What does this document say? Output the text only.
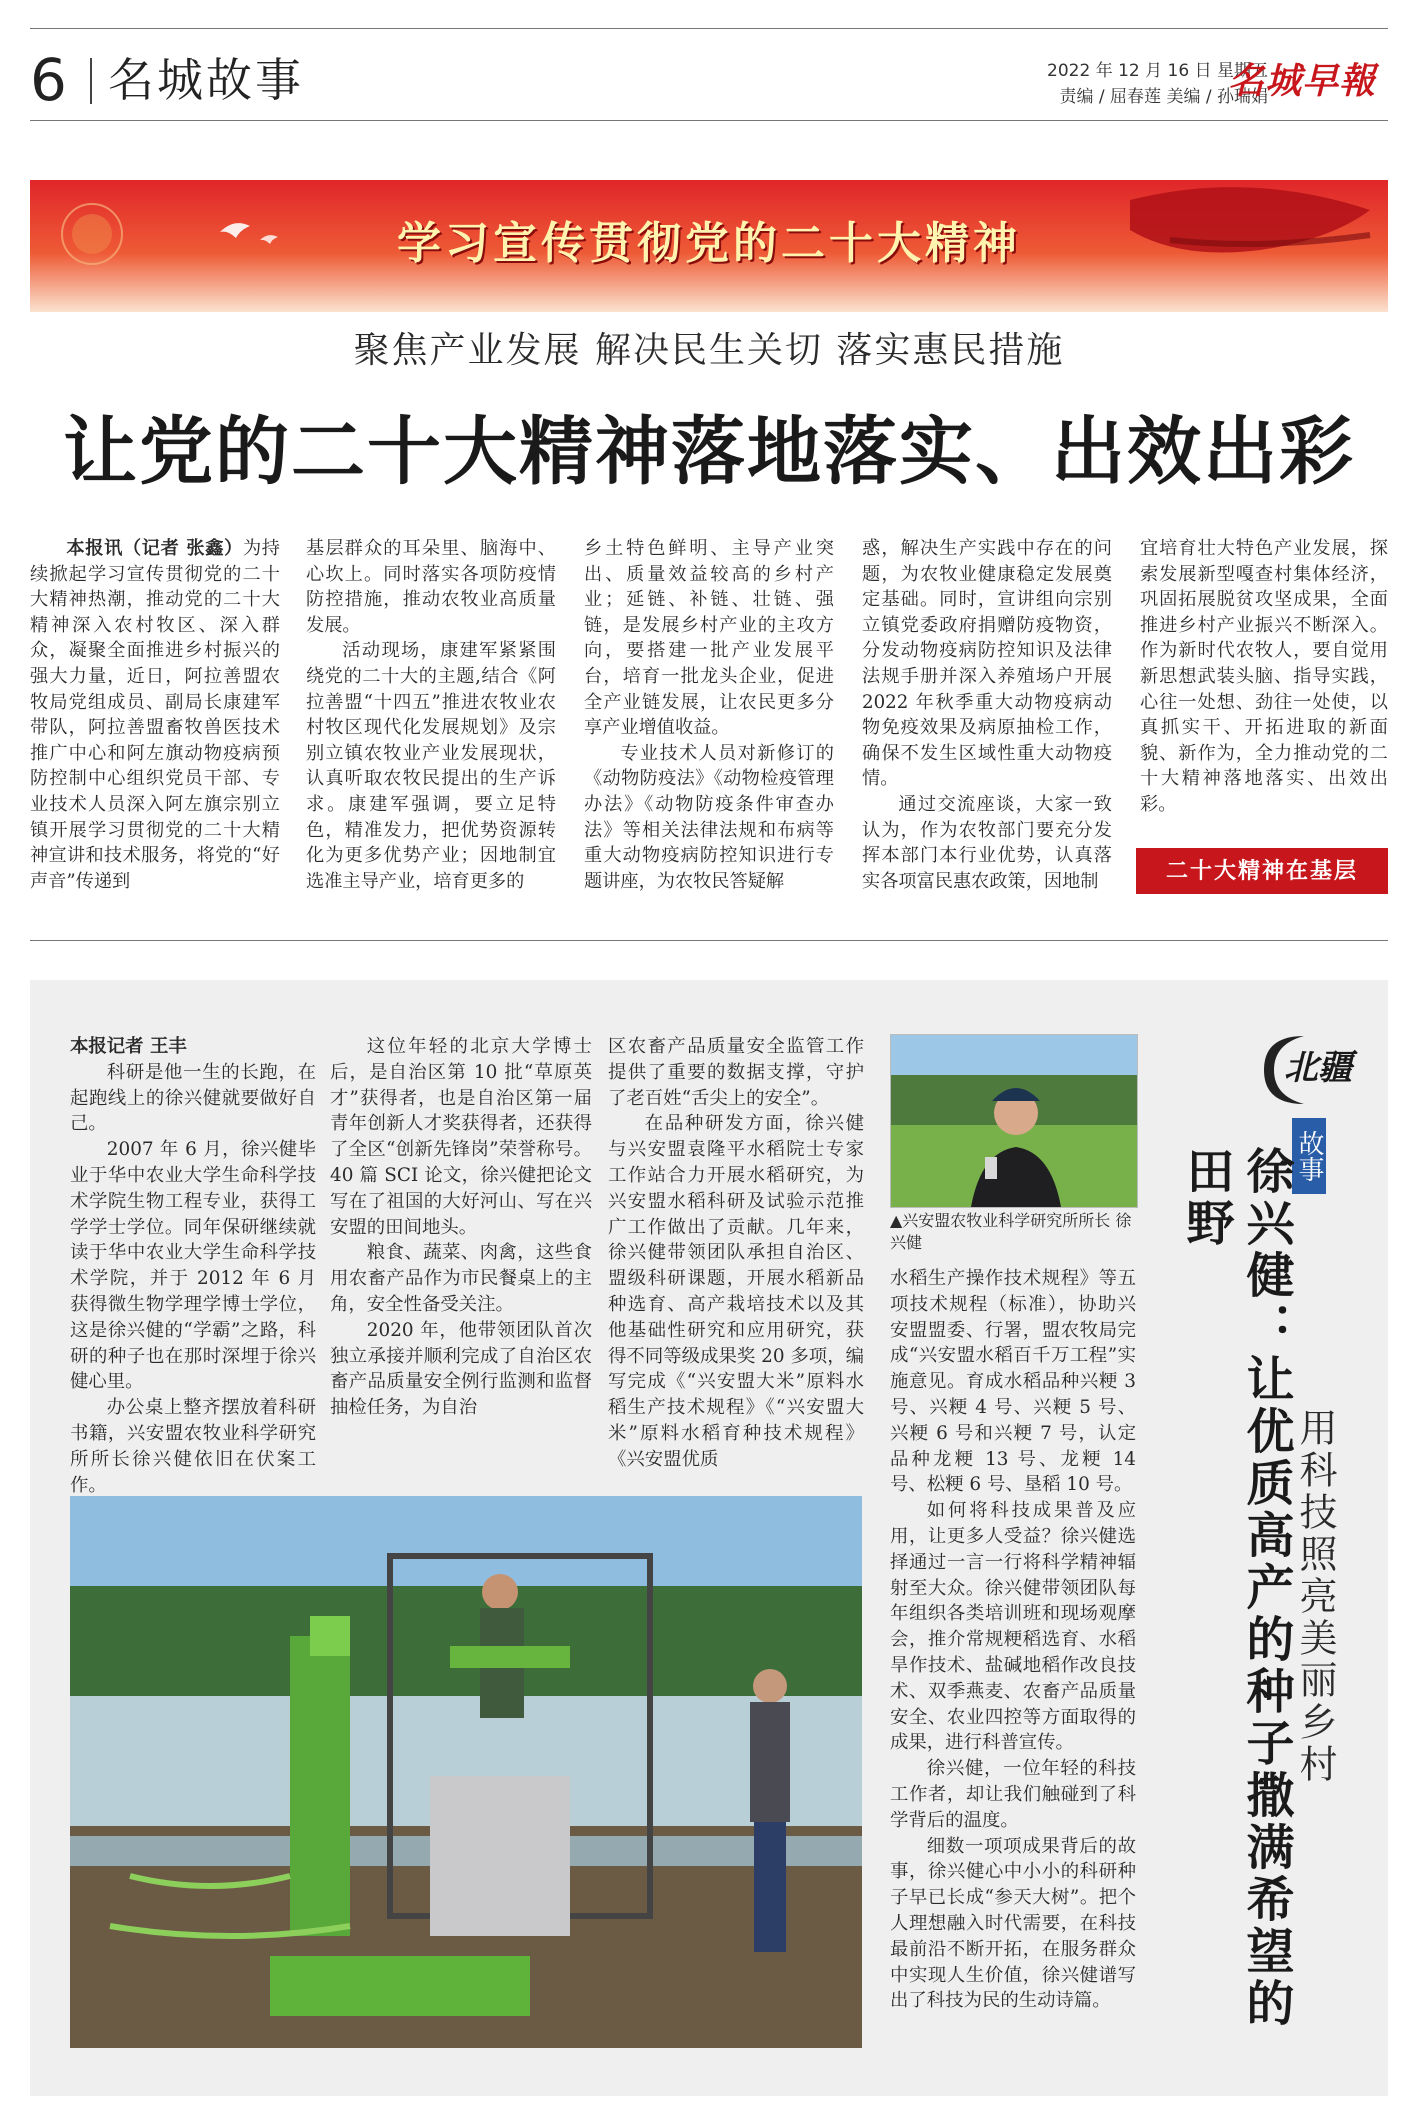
6 名城故事	2022 年 12 月 16 日 星期五
责编 / 屈春莲 美编 / 孙瑞娟
名城早報
学习宣传贯彻党的二十大精神
聚焦产业发展 解决民生关切 落实惠民措施
让党的二十大精神落地落实、出效出彩

本报讯（记者 张鑫）为持续掀起学习宣传贯彻党的二十大精神热潮，推动党的二十大精神深入农村牧区、深入群众，凝聚全面推进乡村振兴的强大力量，近日，阿拉善盟农牧局党组成员、副局长康建军带队，阿拉善盟畜牧兽医技术推广中心和阿左旗动物疫病预防控制中心组织党员干部、专业技术人员深入阿左旗宗别立镇开展学习贯彻党的二十大精神宣讲和技术服务，将党的“好声音”传递到

基层群众的耳朵里、脑海中、心坎上。同时落实各项防疫情防控措施，推动农牧业高质量发展。

活动现场，康建军紧紧围绕党的二十大的主题,结合《阿拉善盟“十四五”推进农牧业农村牧区现代化发展规划》及宗别立镇农牧业产业发展现状，认真听取农牧民提出的生产诉求。康建军强调，要立足特色，精准发力，把优势资源转化为更多优势产业；因地制宜选准主导产业，培育更多的

乡土特色鲜明、主导产业突出、质量效益较高的乡村产业；延链、补链、壮链、强链，是发展乡村产业的主攻方向，要搭建一批产业发展平台，培育一批龙头企业，促进全产业链发展，让农民更多分享产业增值收益。

专业技术人员对新修订的《动物防疫法》《动物检疫管理办法》《动物防疫条件审查办法》等相关法律法规和布病等重大动物疫病防控知识进行专题讲座，为农牧民答疑解

惑，解决生产实践中存在的问题，为农牧业健康稳定发展奠定基础。同时，宣讲组向宗别立镇党委政府捐赠防疫物资，分发动物疫病防控知识及法律法规手册并深入养殖场户开展 2022 年秋季重大动物疫病动物免疫效果及病原抽检工作，确保不发生区域性重大动物疫情。

通过交流座谈，大家一致认为，作为农牧部门要充分发挥本部门本行业优势，认真落实各项富民惠农政策，因地制

宜培育壮大特色产业发展，探索发展新型嘎查村集体经济，巩固拓展脱贫攻坚成果，全面推进乡村产业振兴不断深入。作为新时代农牧人，要自觉用新思想武装头脑、指导实践，心往一处想、劲往一处使，以真抓实干、开拓进取的新面貌、新作为，全力推动党的二十大精神落地落实、出效出彩。

二十大精神在基层

本报记者 王丰

科研是他一生的长跑，在起跑线上的徐兴健就要做好自己。

2007 年 6 月，徐兴健毕业于华中农业大学生命科学技术学院生物工程专业，获得工学学士学位。同年保研继续就读于华中农业大学生命科学技术学院，并于 2012 年 6 月获得微生物学理学博士学位，这是徐兴健的“学霸”之路，科研的种子也在那时深埋于徐兴健心里。

办公桌上整齐摆放着科研书籍，兴安盟农牧业科学研究所所长徐兴健依旧在伏案工作。

这位年轻的北京大学博士后，是自治区第 10 批“草原英才”获得者，也是自治区第一届青年创新人才奖获得者，还获得了全区“创新先锋岗”荣誉称号。40 篇 SCI 论文，徐兴健把论文写在了祖国的大好河山、写在兴安盟的田间地头。

粮食、蔬菜、肉禽，这些食用农畜产品作为市民餐桌上的主角，安全性备受关注。

2020 年，他带领团队首次独立承接并顺利完成了自治区农畜产品质量安全例行监测和监督抽检任务，为自治

区农畜产品质量安全监管工作提供了重要的数据支撑，守护了老百姓“舌尖上的安全”。

在品种研发方面，徐兴健与兴安盟袁隆平水稻院士专家工作站合力开展水稻研究，为兴安盟水稻科研及试验示范推广工作做出了贡献。几年来，徐兴健带领团队承担自治区、盟级科研课题，开展水稻新品种选育、高产栽培技术以及其他基础性研究和应用研究，获得不同等级成果奖 20 多项，编写完成《“兴安盟大米”原料水稻生产技术规程》《“兴安盟大米”原料水稻育种技术规程》《兴安盟优质

▲兴安盟农牧业科学研究所所长 徐兴健

水稻生产操作技术规程》等五项技术规程（标准），协助兴安盟盟委、行署，盟农牧局完成“兴安盟水稻百千万工程”实施意见。育成水稻品种兴粳 3 号、兴粳 4 号、兴粳 5 号、兴粳 6 号和兴粳 7 号，认定品种龙粳 13 号、龙粳 14 号、松粳 6 号、垦稻 10 号。

如何将科技成果普及应用，让更多人受益？徐兴健选择通过一言一行将科学精神辐射至大众。徐兴健带领团队每年组织各类培训班和现场观摩会，推介常规粳稻选育、水稻旱作技术、盐碱地稻作改良技术、双季燕麦、农畜产品质量安全、农业四控等方面取得的成果，进行科普宣传。

徐兴健，一位年轻的科技工作者，却让我们触碰到了科学背后的温度。

细数一项项成果背后的故事，徐兴健心中小小的科研种子早已长成“参天大树”。把个人理想融入时代需要，在科技最前沿不断开拓，在服务群众中实现人生价值，徐兴健谱写出了科技为民的生动诗篇。

北疆
故事
徐兴健：让优质高产的种子撒满希望的田野
用科技照亮美丽乡村
